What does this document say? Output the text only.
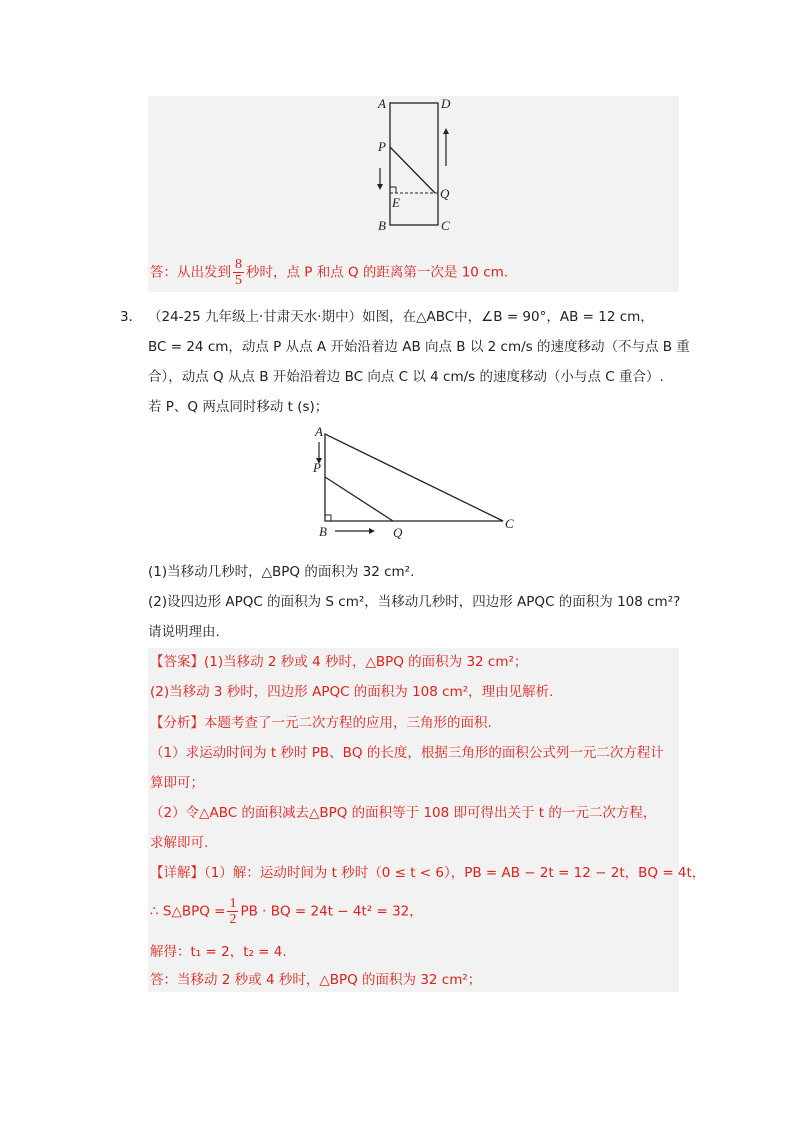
A	D
P
Q
E
B	C
答：从出发到 $\frac{8}{5}$ 秒时，点 P 和点 Q 的距离第一次是 10 cm.
3． （24-25 九年级上·甘肃天水·期中）如图，在△ABC中，∠B = 90°，AB = 12 cm，
BC = 24 cm，动点 P 从点 A 开始沿着边 AB 向点 B 以 2 cm/s 的速度移动（不与点 B 重
合），动点 Q 从点 B 开始沿着边 BC 向点 C 以 4 cm/s 的速度移动（小与点 C 重合）.
若 P、Q 两点同时移动 t (s)；
A
P
B	Q
C
(1)当移动几秒时，△BPQ 的面积为 32 cm².
(2)设四边形 APQC 的面积为 S cm²，当移动几秒时，四边形 APQC 的面积为 108 cm²?
请说明理由.
【答案】(1)当移动 2 秒或 4 秒时，△BPQ 的面积为 32 cm²；
(2)当移动 3 秒时，四边形 APQC 的面积为 108 cm²，理由见解析.
【分析】本题考查了一元二次方程的应用，三角形的面积.
（1）求运动时间为 t 秒时 PB、BQ 的长度，根据三角形的面积公式列一元二次方程计
算即可；
（2）令△ABC 的面积减去△BPQ 的面积等于 108 即可得出关于 t 的一元二次方程，
求解即可.
【详解】（1）解：运动时间为 t 秒时（0 ≤ t < 6），PB = AB − 2t = 12 − 2t，BQ = 4t，
∴ S△BPQ = $\frac{1}{2}$ PB · BQ = 24t − 4t² = 32，
解得：t₁ = 2，t₂ = 4.
答：当移动 2 秒或 4 秒时，△BPQ 的面积为 32 cm²；
